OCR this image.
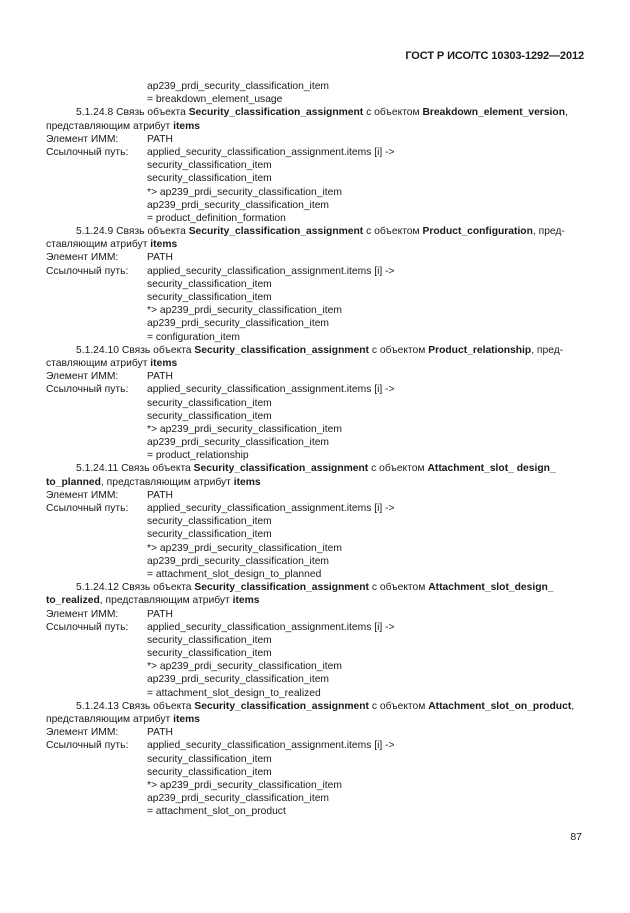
ГОСТ Р ИСО/ТС 10303-1292—2012
ap239_prdi_security_classification_item
= breakdown_element_usage
5.1.24.8 Связь объекта Security_classification_assignment с объектом Breakdown_element_version,
представляющим атрибут items
Элемент ИММ:	PATH
Ссылочный путь:	applied_security_classification_assignment.items [i] ->
security_classification_item
security_classification_item
*> ap239_prdi_security_classification_item
ap239_prdi_security_classification_item
= product_definition_formation
5.1.24.9 Связь объекта Security_classification_assignment с объектом Product_configuration, пред-
ставляющим атрибут items
Элемент ИММ:	PATH
Ссылочный путь:	applied_security_classification_assignment.items [i] ->
security_classification_item
security_classification_item
*> ap239_prdi_security_classification_item
ap239_prdi_security_classification_item
= configuration_item
5.1.24.10 Связь объекта Security_classification_assignment с объектом Product_relationship, пред-
ставляющим атрибут items
Элемент ИММ:	PATH
Ссылочный путь:	applied_security_classification_assignment.items [i] ->
security_classification_item
security_classification_item
*> ap239_prdi_security_classification_item
ap239_prdi_security_classification_item
= product_relationship
5.1.24.11 Связь объекта Security_classification_assignment с объектом Attachment_slot_ design_
to_planned, представляющим атрибут items
Элемент ИММ:	PATH
Ссылочный путь:	applied_security_classification_assignment.items [i] ->
security_classification_item
security_classification_item
*> ap239_prdi_security_classification_item
ap239_prdi_security_classification_item
= attachment_slot_design_to_planned
5.1.24.12 Связь объекта Security_classification_assignment с объектом Attachment_slot_design_
to_realized, представляющим атрибут items
Элемент ИММ:	PATH
Ссылочный путь:	applied_security_classification_assignment.items [i] ->
security_classification_item
security_classification_item
*> ap239_prdi_security_classification_item
ap239_prdi_security_classification_item
= attachment_slot_design_to_realized
5.1.24.13 Связь объекта Security_classification_assignment с объектом Attachment_slot_on_product,
представляющим атрибут items
Элемент ИММ:	PATH
Ссылочный путь:	applied_security_classification_assignment.items [i] ->
security_classification_item
security_classification_item
*> ap239_prdi_security_classification_item
ap239_prdi_security_classification_item
= attachment_slot_on_product
87
